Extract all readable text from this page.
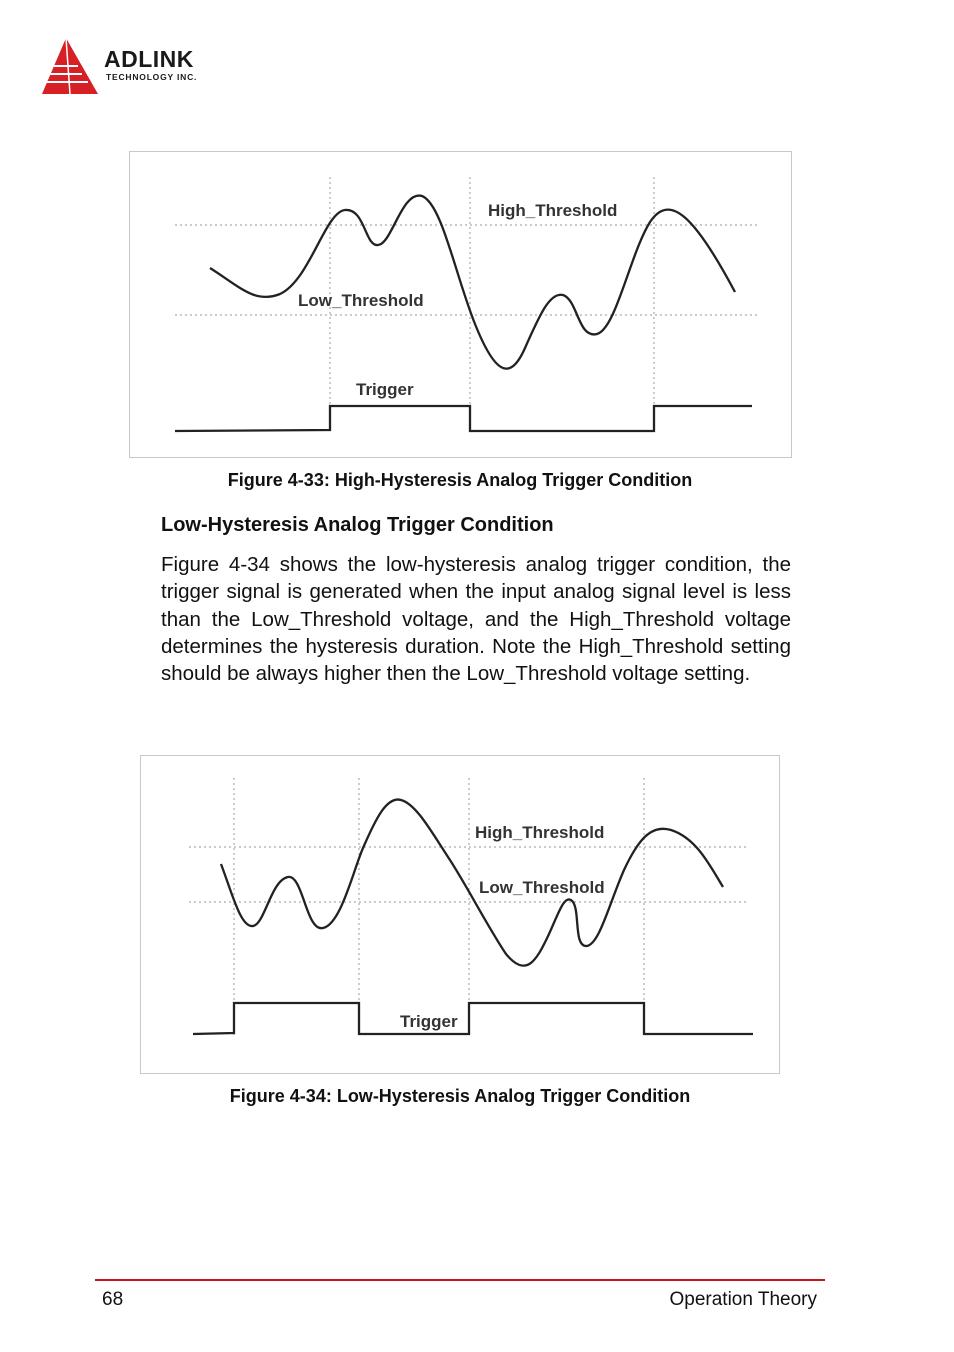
ADLINK
TECHNOLOGY INC.
High_Threshold
Low_Threshold
Trigger
Figure 4-33: High-Hysteresis Analog Trigger Condition
Low-Hysteresis Analog Trigger Condition
Figure 4-34 shows the low-hysteresis analog trigger condition, the trigger signal is generated when the input analog signal level is less than the Low_Threshold voltage, and the High_Threshold voltage determines the hysteresis duration. Note the High_Threshold setting should be always higher then the Low_Threshold voltage setting.
High_Threshold
Low_Threshold
Trigger
Figure 4-34: Low-Hysteresis Analog Trigger Condition
68	Operation Theory
